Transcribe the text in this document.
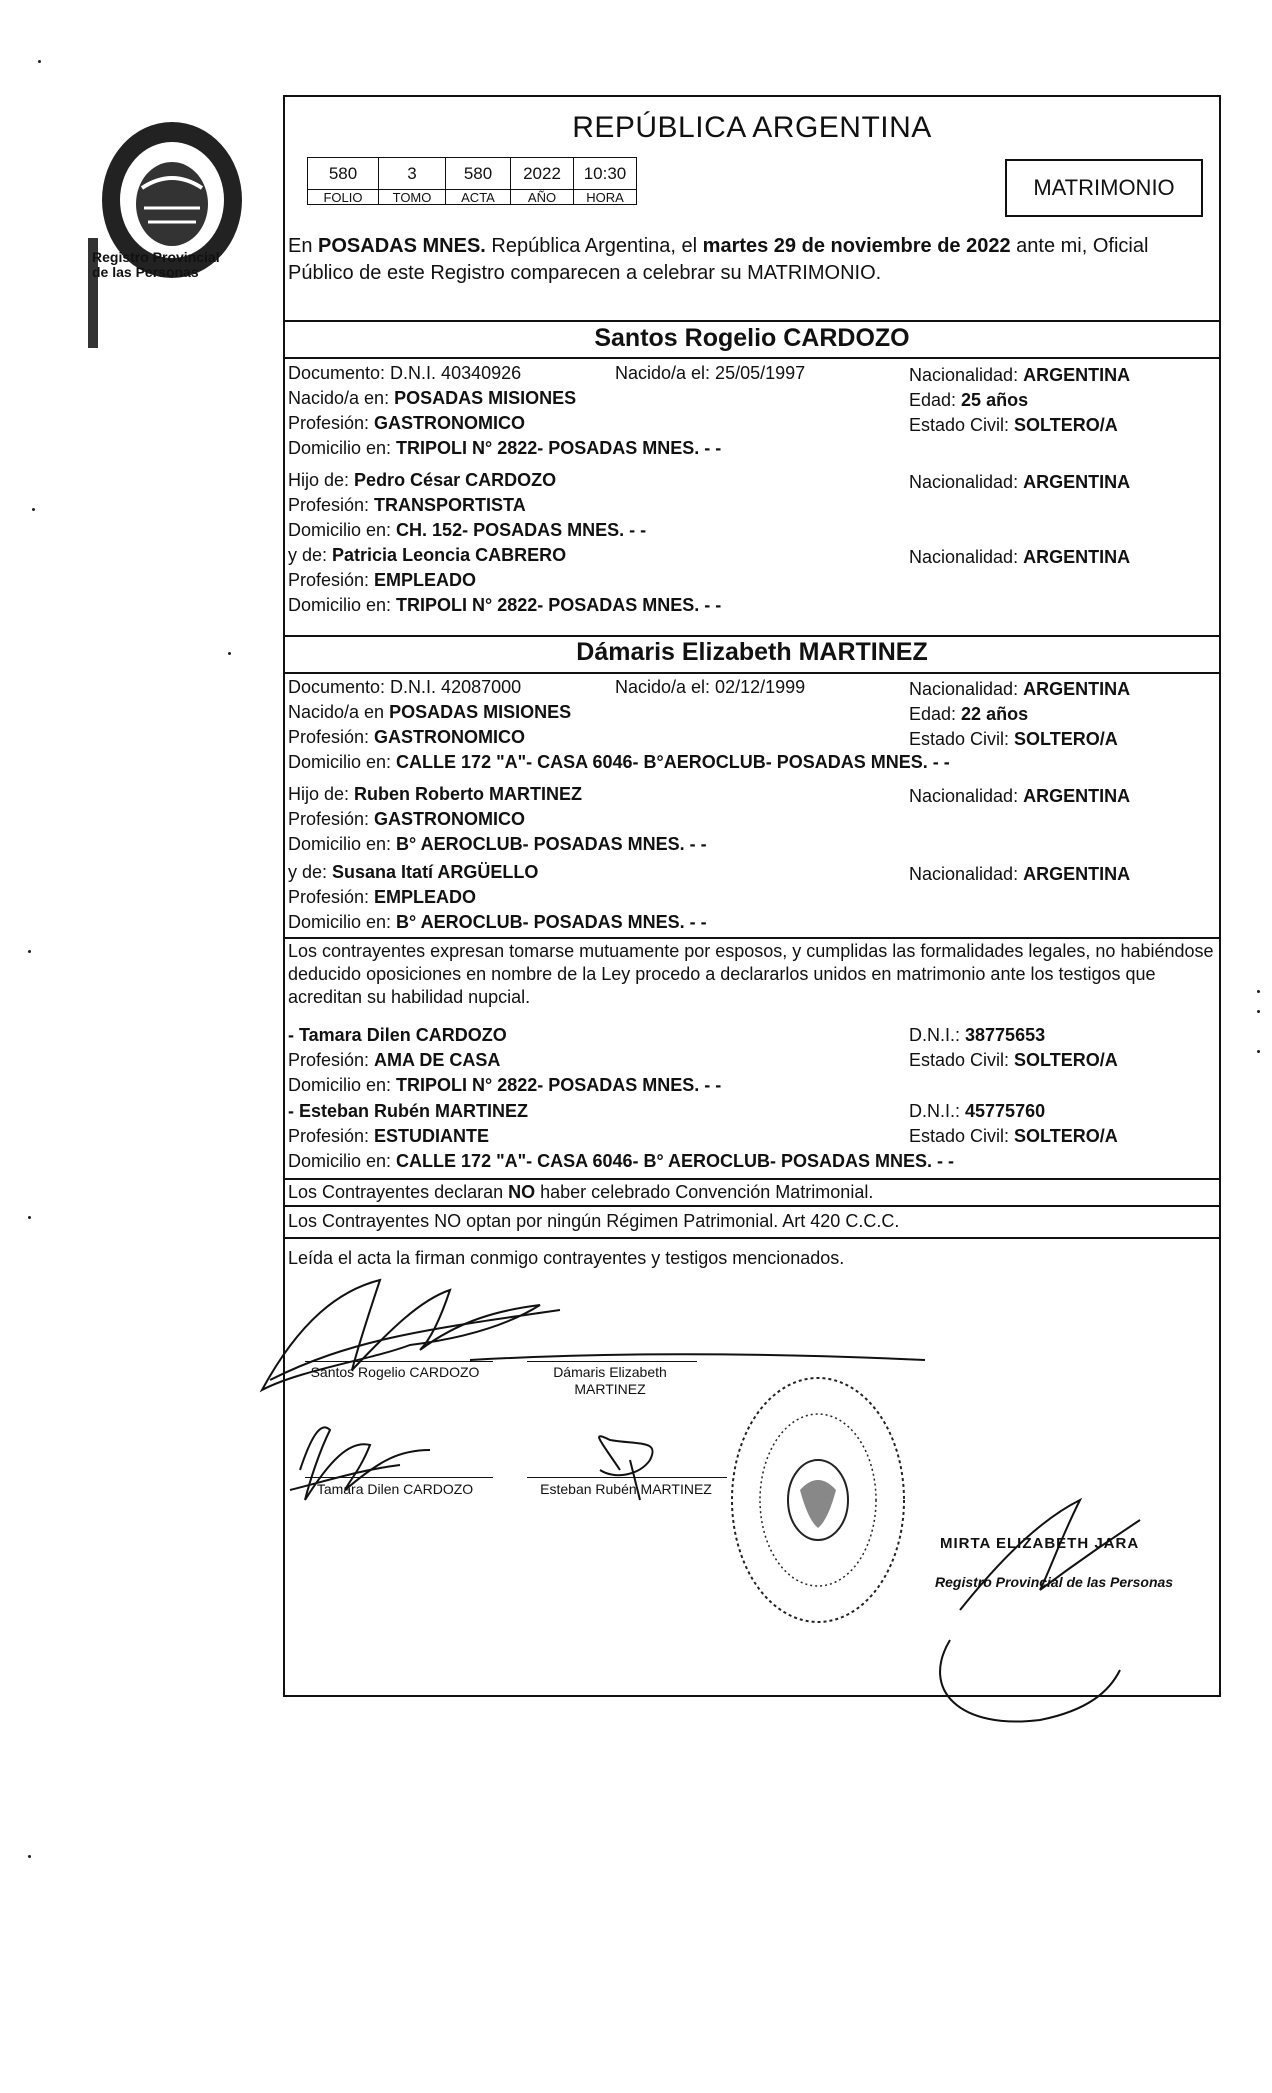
Registro Provincial
de las Personas
REPÚBLICA ARGENTINA
580	3	580	2022	10:30
FOLIO	TOMO	ACTA	AÑO	HORA	MATRIMONIO
En POSADAS MNES. República Argentina, el martes 29 de noviembre de 2022 ante mi, Oficial Público de este Registro comparecen a celebrar su MATRIMONIO.
Santos Rogelio CARDOZO
Documento: D.N.I. 40340926	Nacido/a el: 25/05/1997	Nacionalidad: ARGENTINA
Nacido/a en: POSADAS MISIONES	Edad: 25 años
Profesión: GASTRONOMICO	Estado Civil: SOLTERO/A
Domicilio en: TRIPOLI N° 2822- POSADAS MNES. - -
Hijo de: Pedro César CARDOZO	Nacionalidad: ARGENTINA
Profesión: TRANSPORTISTA
Domicilio en: CH. 152- POSADAS MNES. - -
y de: Patricia Leoncia CABRERO	Nacionalidad: ARGENTINA
Profesión: EMPLEADO
Domicilio en: TRIPOLI N° 2822- POSADAS MNES. - -
Dámaris Elizabeth MARTINEZ
Documento: D.N.I. 42087000	Nacido/a el: 02/12/1999	Nacionalidad: ARGENTINA
Nacido/a en POSADAS MISIONES	Edad: 22 años
Profesión: GASTRONOMICO	Estado Civil: SOLTERO/A
Domicilio en: CALLE 172 "A"- CASA 6046- B°AEROCLUB- POSADAS MNES. - -
Hijo de: Ruben Roberto MARTINEZ	Nacionalidad: ARGENTINA
Profesión: GASTRONOMICO
Domicilio en: B° AEROCLUB- POSADAS MNES. - -
y de: Susana Itatí ARGÜELLO	Nacionalidad: ARGENTINA
Profesión: EMPLEADO
Domicilio en: B° AEROCLUB- POSADAS MNES. - -
Los contrayentes expresan tomarse mutuamente por esposos, y cumplidas las formalidades legales, no habiéndose deducido oposiciones en nombre de la Ley procedo a declararlos unidos en matrimonio ante los testigos que acreditan su habilidad nupcial.
- Tamara Dilen CARDOZO	D.N.I.: 38775653
Profesión: AMA DE CASA	Estado Civil: SOLTERO/A
Domicilio en: TRIPOLI N° 2822- POSADAS MNES. - -
- Esteban Rubén MARTINEZ	D.N.I.: 45775760
Profesión: ESTUDIANTE	Estado Civil: SOLTERO/A
Domicilio en: CALLE 172 "A"- CASA 6046- B° AEROCLUB- POSADAS MNES. - -
Los Contrayentes declaran NO haber celebrado Convención Matrimonial.
Los Contrayentes NO optan por ningún Régimen Patrimonial. Art 420 C.C.C.
Leída el acta la firman conmigo contrayentes y testigos mencionados.
Santos Rogelio CARDOZO	Dámaris Elizabeth
MARTINEZ
Tamara Dilen CARDOZO	Esteban Rubén MARTINEZ
MIRTA ELIZABETH JARA
Registro Provincial de las Personas
